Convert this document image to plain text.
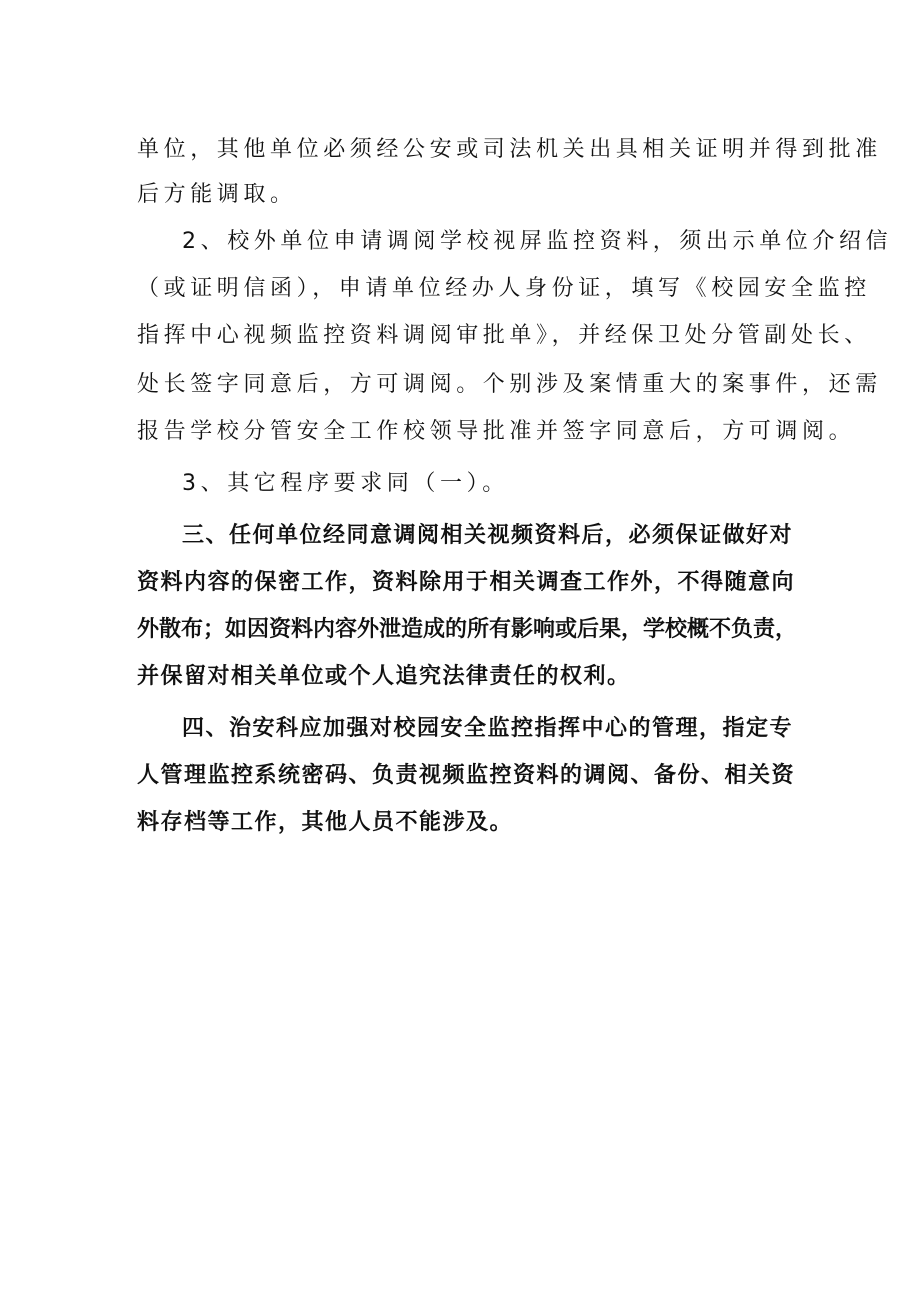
单位，其他单位必须经公安或司法机关出具相关证明并得到批准
后方能调取。
2、校外单位申请调阅学校视屏监控资料，须出示单位介绍信
（或证明信函），申请单位经办人身份证，填写《校园安全监控
指挥中心视频监控资料调阅审批单》，并经保卫处分管副处长、
处长签字同意后，方可调阅。个别涉及案情重大的案事件，还需
报告学校分管安全工作校领导批准并签字同意后，方可调阅。
3、其它程序要求同（一）。
三、任何单位经同意调阅相关视频资料后，必须保证做好对
资料内容的保密工作，资料除用于相关调查工作外，不得随意向
外散布；如因资料内容外泄造成的所有影响或后果，学校概不负责，
并保留对相关单位或个人追究法律责任的权利。
四、治安科应加强对校园安全监控指挥中心的管理，指定专
人管理监控系统密码、负责视频监控资料的调阅、备份、相关资
料存档等工作，其他人员不能涉及。
